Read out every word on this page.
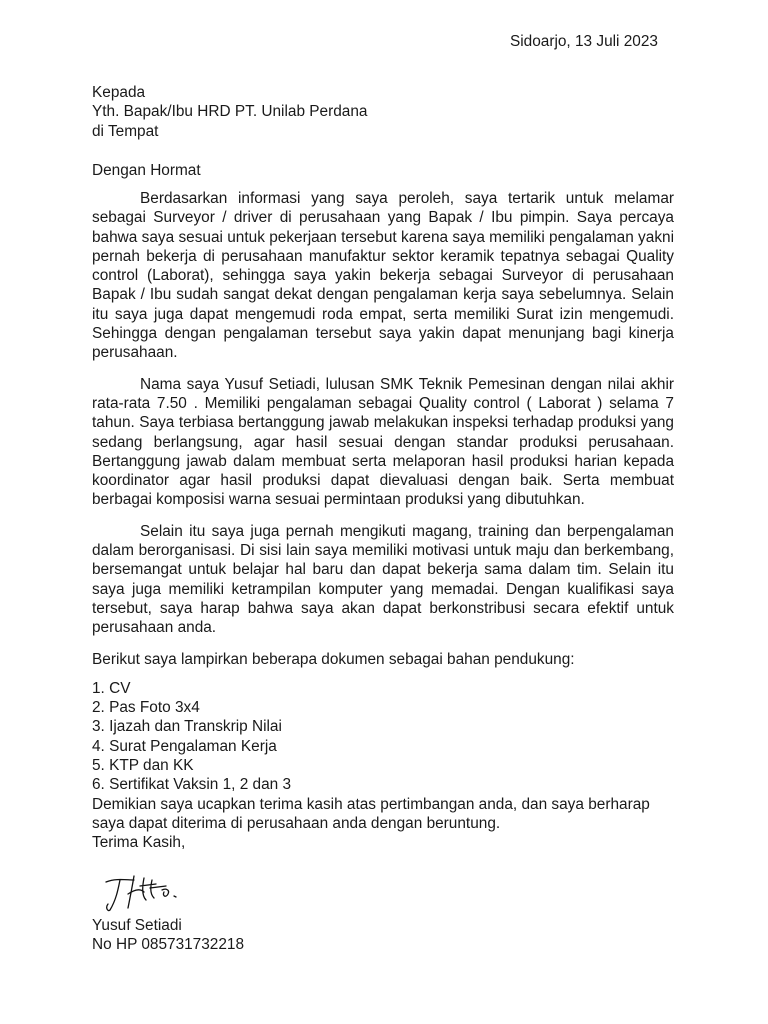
Sidoarjo, 13 Juli 2023
Kepada
Yth. Bapak/Ibu HRD PT. Unilab Perdana
di Tempat
Dengan Hormat

Berdasarkan informasi yang saya peroleh, saya tertarik untuk melamar sebagai Surveyor / driver di perusahaan yang Bapak / Ibu pimpin. Saya percaya bahwa saya sesuai untuk pekerjaan tersebut karena saya memiliki pengalaman yakni pernah bekerja di perusahaan manufaktur sektor keramik tepatnya sebagai Quality control (Laborat), sehingga saya yakin bekerja sebagai Surveyor di perusahaan Bapak / Ibu sudah sangat dekat dengan pengalaman kerja saya sebelumnya. Selain itu saya juga dapat mengemudi roda empat, serta memiliki Surat izin mengemudi. Sehingga dengan pengalaman tersebut saya yakin dapat menunjang bagi kinerja perusahaan.

Nama saya Yusuf Setiadi, lulusan SMK Teknik Pemesinan dengan nilai akhir rata-rata 7.50 . Memiliki pengalaman sebagai Quality control ( Laborat ) selama 7 tahun. Saya terbiasa bertanggung jawab melakukan inspeksi terhadap produksi yang sedang berlangsung, agar hasil sesuai dengan standar produksi perusahaan. Bertanggung jawab dalam membuat serta melaporan hasil produksi harian kepada koordinator agar hasil produksi dapat dievaluasi dengan baik. Serta membuat berbagai komposisi warna sesuai permintaan produksi yang dibutuhkan.

Selain itu saya juga pernah mengikuti magang, training dan berpengalaman dalam berorganisasi. Di sisi lain saya memiliki motivasi untuk maju dan berkembang, bersemangat untuk belajar hal baru dan dapat bekerja sama dalam tim. Selain itu saya juga memiliki ketrampilan komputer yang memadai. Dengan kualifikasi saya tersebut, saya harap bahwa saya akan dapat berkonstribusi secara efektif untuk perusahaan anda.

Berikut saya lampirkan beberapa dokumen sebagai bahan pendukung:

1. CV
2. Pas Foto 3x4
3. Ijazah dan Transkrip Nilai
4. Surat Pengalaman Kerja
5. KTP dan KK
6. Sertifikat Vaksin 1, 2 dan 3
Demikian saya ucapkan terima kasih atas pertimbangan anda, dan saya berharap
saya dapat diterima di perusahaan anda dengan beruntung.
Terima Kasih,
Yusuf Setiadi
No HP 085731732218
